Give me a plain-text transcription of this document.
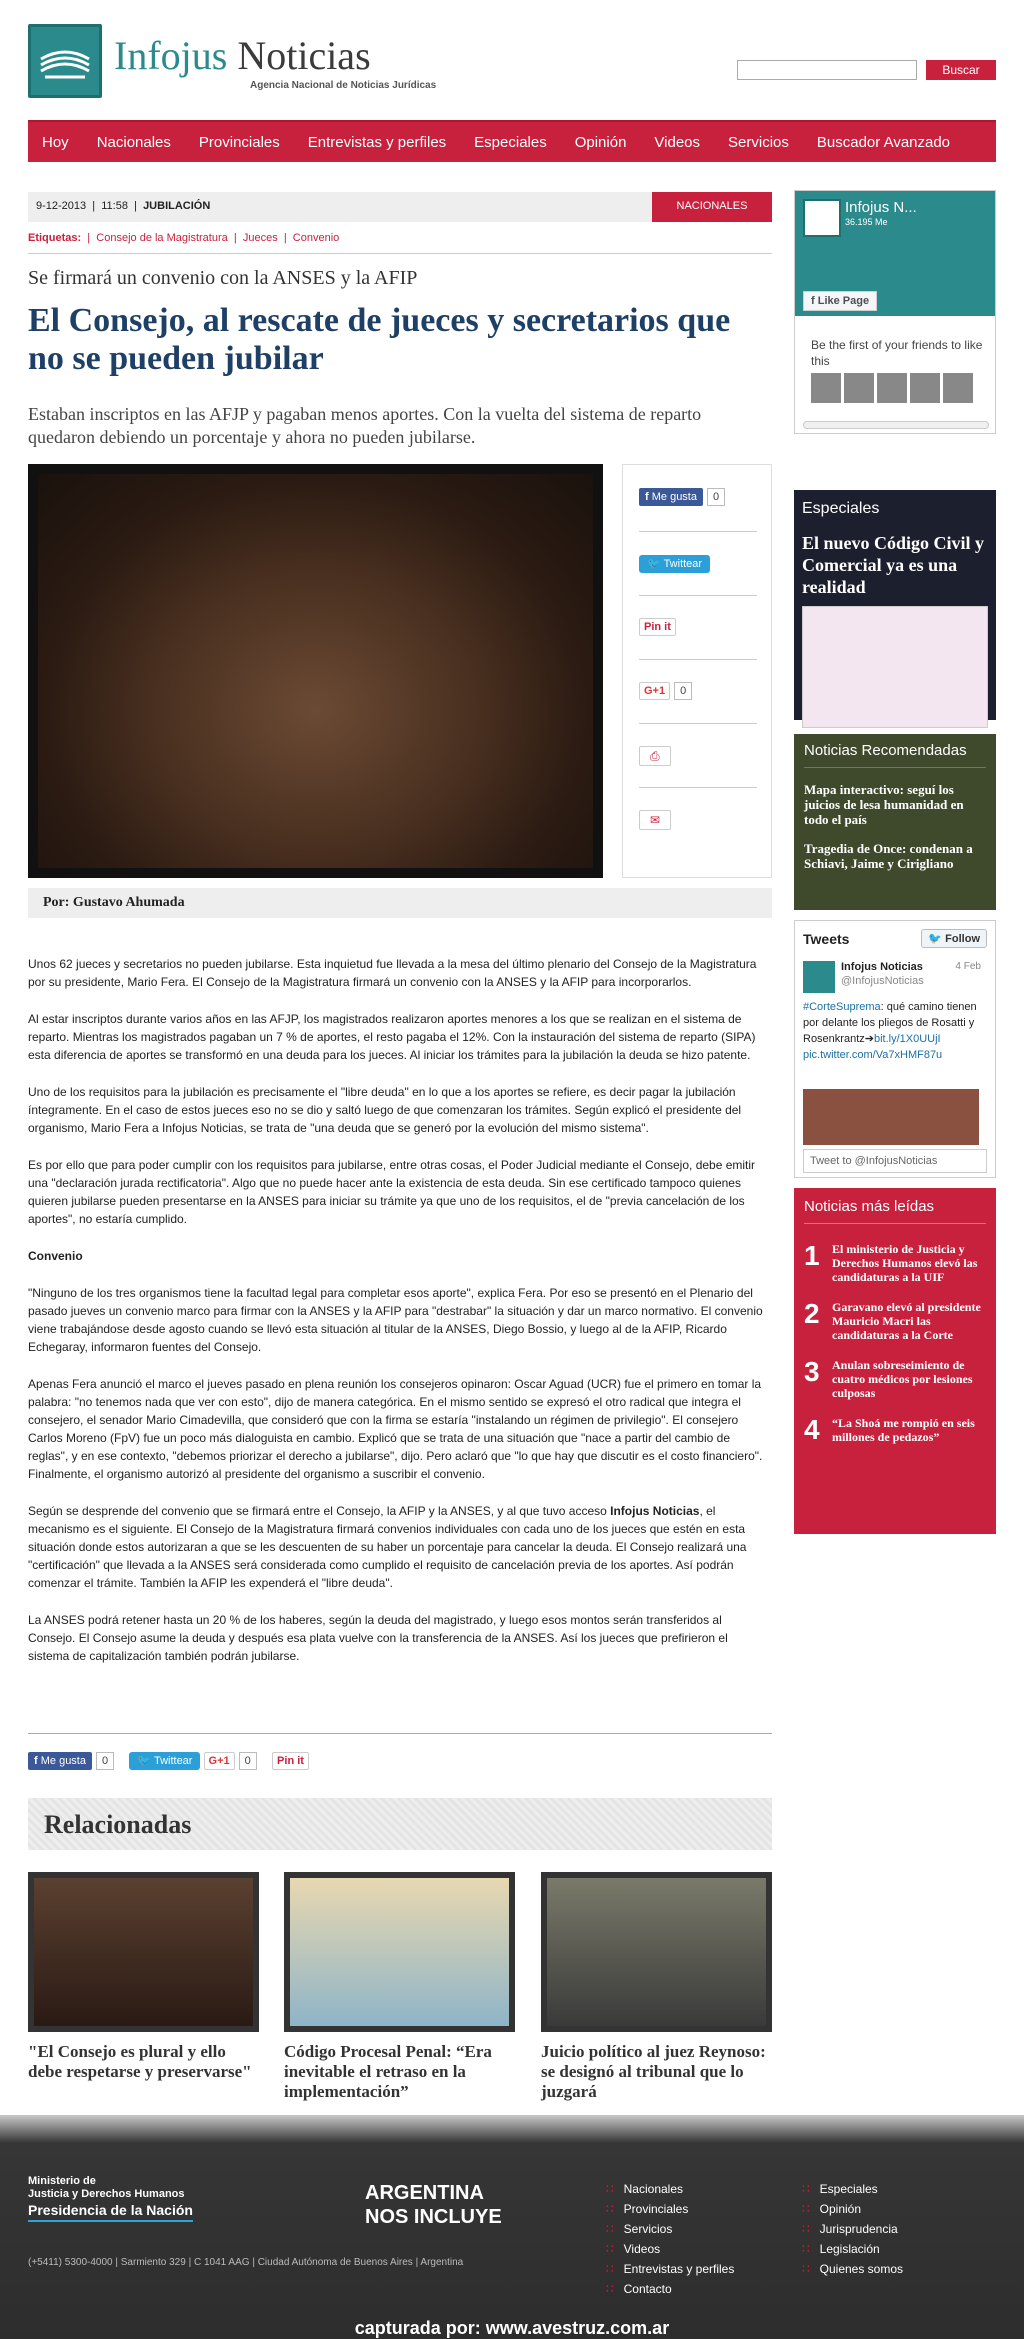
Infojus Noticias
Agencia Nacional de Noticias Jurídicas
Buscar
Hoy Nacionales Provinciales Entrevistas y perfiles Especiales Opinión Videos Servicios Buscador Avanzado
9-12-2013  |  11:58  |  JUBILACIÓN	NACIONALES
Etiquetas:  |  Consejo de la Magistratura  |  Jueces  |  Convenio
Se firmará un convenio con la ANSES y la AFIP
El Consejo, al rescate de jueces y secretarios que no se pueden jubilar
Estaban inscriptos en las AFJP y pagaban menos aportes. Con la vuelta del sistema de reparto quedaron debiendo un porcentaje y ahora no pueden jubilarse.
f Me gusta 0
🐦 Twittear
Pin it
G+1 0
⎙
✉
Por: Gustavo Ahumada

Unos 62 jueces y secretarios no pueden jubilarse. Esta inquietud fue llevada a la mesa del último plenario del Consejo de la Magistratura por su presidente, Mario Fera. El Consejo de la Magistratura firmará un convenio con la ANSES y la AFIP para incorporarlos.

Al estar inscriptos durante varios años en las AFJP, los magistrados realizaron aportes menores a los que se realizan en el sistema de reparto. Mientras los magistrados pagaban un 7 % de aportes, el resto pagaba el 12%. Con la instauración del sistema de reparto (SIPA) esta diferencia de aportes se transformó en una deuda para los jueces. Al iniciar los trámites para la jubilación la deuda se hizo patente.

Uno de los requisitos para la jubilación es precisamente el "libre deuda" en lo que a los aportes se refiere, es decir pagar la jubilación íntegramente. En el caso de estos jueces eso no se dio y saltó luego de que comenzaran los trámites. Según explicó el presidente del organismo, Mario Fera a Infojus Noticias, se trata de "una deuda que se generó por la evolución del mismo sistema".

Es por ello que para poder cumplir con los requisitos para jubilarse, entre otras cosas, el Poder Judicial mediante el Consejo, debe emitir una "declaración jurada rectificatoria". Algo que no puede hacer ante la existencia de esta deuda. Sin ese certificado tampoco quienes quieren jubilarse pueden presentarse en la ANSES para iniciar su trámite ya que uno de los requisitos, el de "previa cancelación de los aportes", no estaría cumplido.

Convenio

"Ninguno de los tres organismos tiene la facultad legal para completar esos aporte", explica Fera. Por eso se presentó en el Plenario del pasado jueves un convenio marco para firmar con la ANSES y la AFIP para "destrabar" la situación y dar un marco normativo. El convenio viene trabajándose desde agosto cuando se llevó esta situación al titular de la ANSES, Diego Bossio, y luego al de la AFIP, Ricardo Echegaray, informaron fuentes del Consejo.

Apenas Fera anunció el marco el jueves pasado en plena reunión los consejeros opinaron: Oscar Aguad (UCR) fue el primero en tomar la palabra: "no tenemos nada que ver con esto", dijo de manera categórica. En el mismo sentido se expresó el otro radical que integra el consejero, el senador Mario Cimadevilla, que consideró que con la firma se estaría "instalando un régimen de privilegio". El consejero Carlos Moreno (FpV) fue un poco más dialoguista en cambio. Explicó que se trata de una situación que "nace a partir del cambio de reglas", y en ese contexto, "debemos priorizar el derecho a jubilarse", dijo. Pero aclaró que "lo que hay que discutir es el costo financiero". Finalmente, el organismo autorizó al presidente del organismo a suscribir el convenio.

Según se desprende del convenio que se firmará entre el Consejo, la AFIP y la ANSES, y al que tuvo acceso Infojus Noticias, el mecanismo es el siguiente. El Consejo de la Magistratura firmará convenios individuales con cada uno de los jueces que estén en esta situación donde estos autorizaran a que se les descuenten de su haber un porcentaje para cancelar la deuda. El Consejo realizará una "certificación" que llevada a la ANSES será considerada como cumplido el requisito de cancelación previa de los aportes. Así podrán comenzar el trámite. También la AFIP les expenderá el "libre deuda".

La ANSES podrá retener hasta un 20 % de los haberes, según la deuda del magistrado, y luego esos montos serán transferidos al Consejo. El Consejo asume la deuda y después esa plata vuelve con la transferencia de la ANSES. Así los jueces que prefirieron el sistema de capitalización también podrán jubilarse.

f Me gusta 0	🐦 Twittear G+1 0 Pin it
Relacionadas
"El Consejo es plural y ello debe respetarse y preservarse"
Código Procesal Penal: “Era inevitable el retraso en la implementación”
Juicio político al juez Reynoso: se designó al tribunal que lo juzgará
Infojus N...
36.195 Me
f Like Page
Be the first of your friends to like this
Especiales
El nuevo Código Civil y Comercial ya es una realidad
Noticias Recomendadas
Mapa interactivo: seguí los juicios de lesa humanidad en todo el país
Tragedia de Once: condenan a Schiavi, Jaime y Cirigliano
Tweets	🐦 Follow
Infojus Noticias
@InfojusNoticias
4 Feb
#CorteSuprema: qué camino tienen por delante los pliegos de Rosatti y Rosenkrantz➔bit.ly/1X0UUjI pic.twitter.com/Va7xHMF87u
Tweet to @InfojusNoticias
Noticias más leídas
1	El ministerio de Justicia y Derechos Humanos elevó las candidaturas a la UIF
2	Garavano elevó al presidente Mauricio Macri las candidaturas a la Corte
3	Anulan sobreseimiento de cuatro médicos por lesiones culposas
4	“La Shoá me rompió en seis millones de pedazos”
Ministerio de
Justicia y Derechos Humanos
Presidencia de la Nación
ARGENTINA
NOS INCLUYE
(+5411) 5300-4000 | Sarmiento 329 | C 1041 AAG | Ciudad Autónoma de Buenos Aires | Argentina
∷ Nacionales
∷ Provinciales
∷ Servicios
∷ Videos
∷ Entrevistas y perfiles
∷ Contacto
∷ Especiales
∷ Opinión
∷ Jurisprudencia
∷ Legislación
∷ Quienes somos
capturada por: www.avestruz.com.ar
